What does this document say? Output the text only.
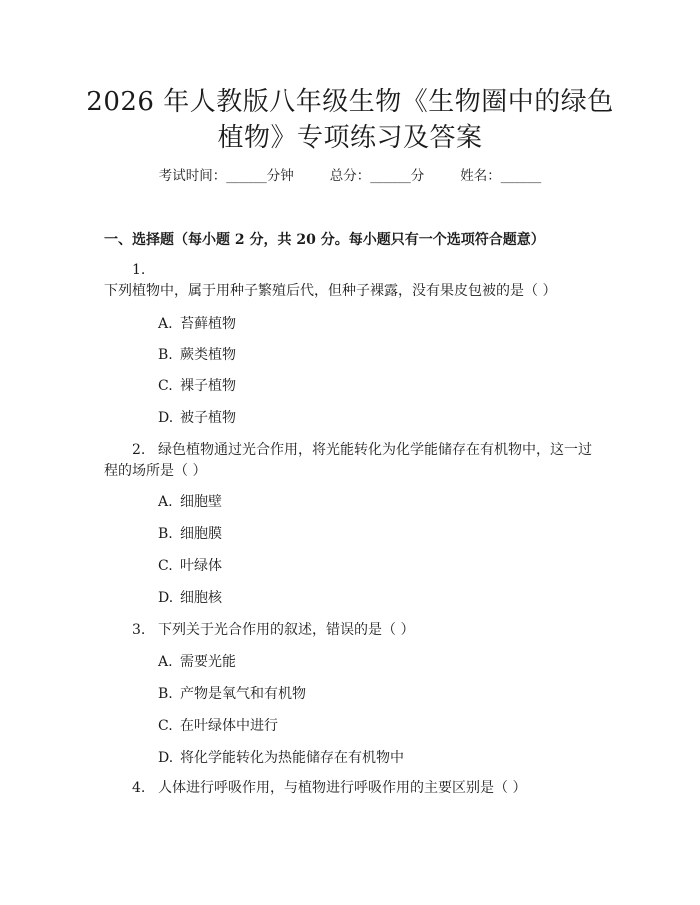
2026 年人教版八年级生物《生物圈中的绿色
植物》专项练习及答案
考试时间：______分钟	总分：______分	姓名：______
一、选择题（每小题 2 分，共 20 分。每小题只有一个选项符合题意）
1.下列植物中，属于用种子繁殖后代，但种子裸露，没有果皮包被的是（ ）
A. 苔藓植物
B. 蕨类植物
C. 裸子植物
D. 被子植物
2. 绿色植物通过光合作用，将光能转化为化学能储存在有机物中，这一过程的场所是（ ）
A. 细胞壁
B. 细胞膜
C. 叶绿体
D. 细胞核
3. 下列关于光合作用的叙述，错误的是（ ）
A. 需要光能
B. 产物是氧气和有机物
C. 在叶绿体中进行
D. 将化学能转化为热能储存在有机物中
4. 人体进行呼吸作用，与植物进行呼吸作用的主要区别是（ ）
